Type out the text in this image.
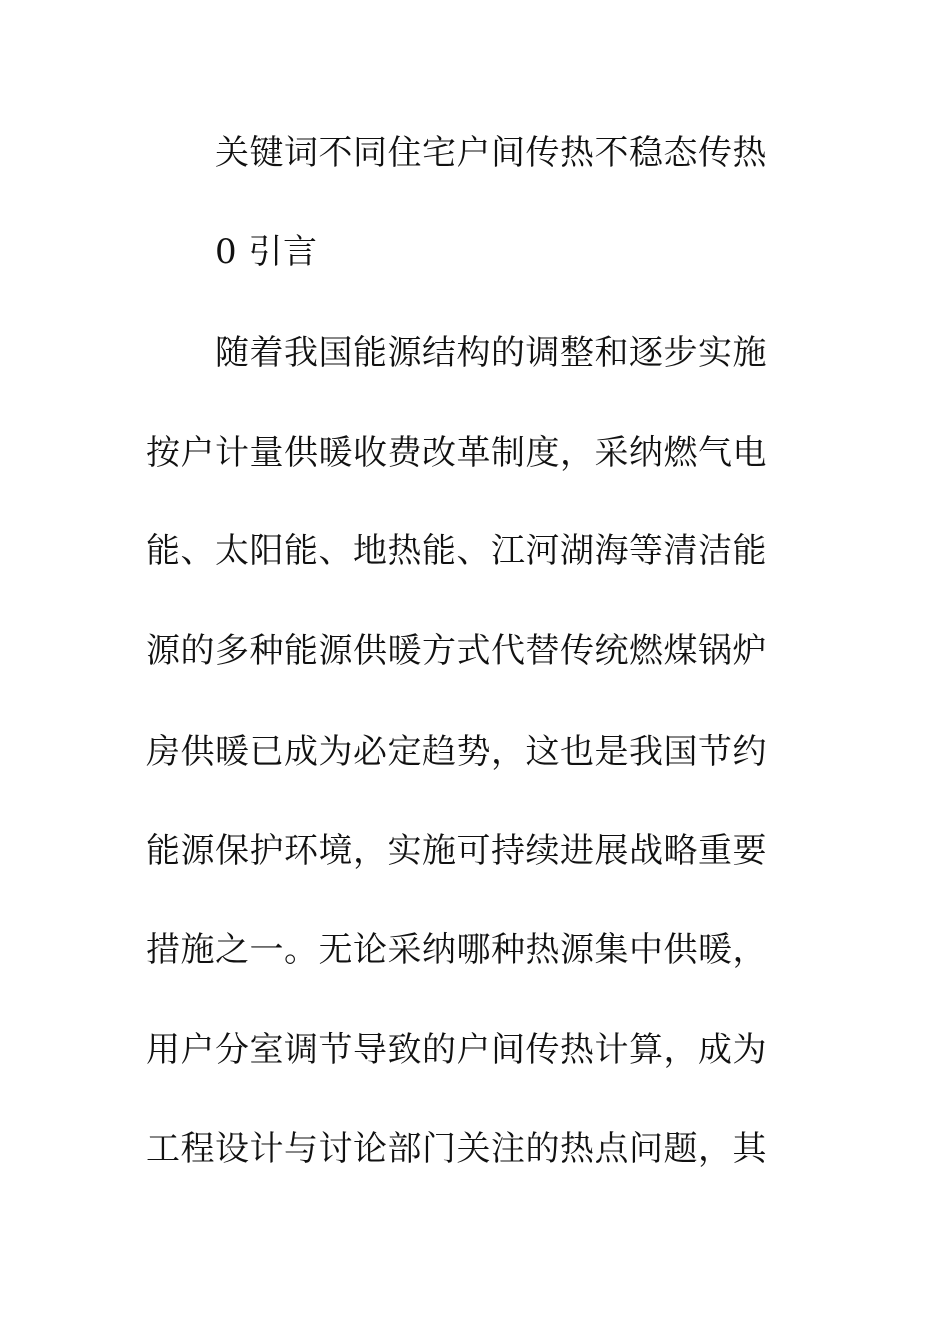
关键词不同住宅户间传热不稳态传热
0 引言
随着我国能源结构的调整和逐步实施
按户计量供暖收费改革制度，采纳燃气电
能、太阳能、地热能、江河湖海等清洁能
源的多种能源供暖方式代替传统燃煤锅炉
房供暖已成为必定趋势，这也是我国节约
能源保护环境，实施可持续进展战略重要
措施之一。无论采纳哪种热源集中供暖，
用户分室调节导致的户间传热计算，成为
工程设计与讨论部门关注的热点问题，其
